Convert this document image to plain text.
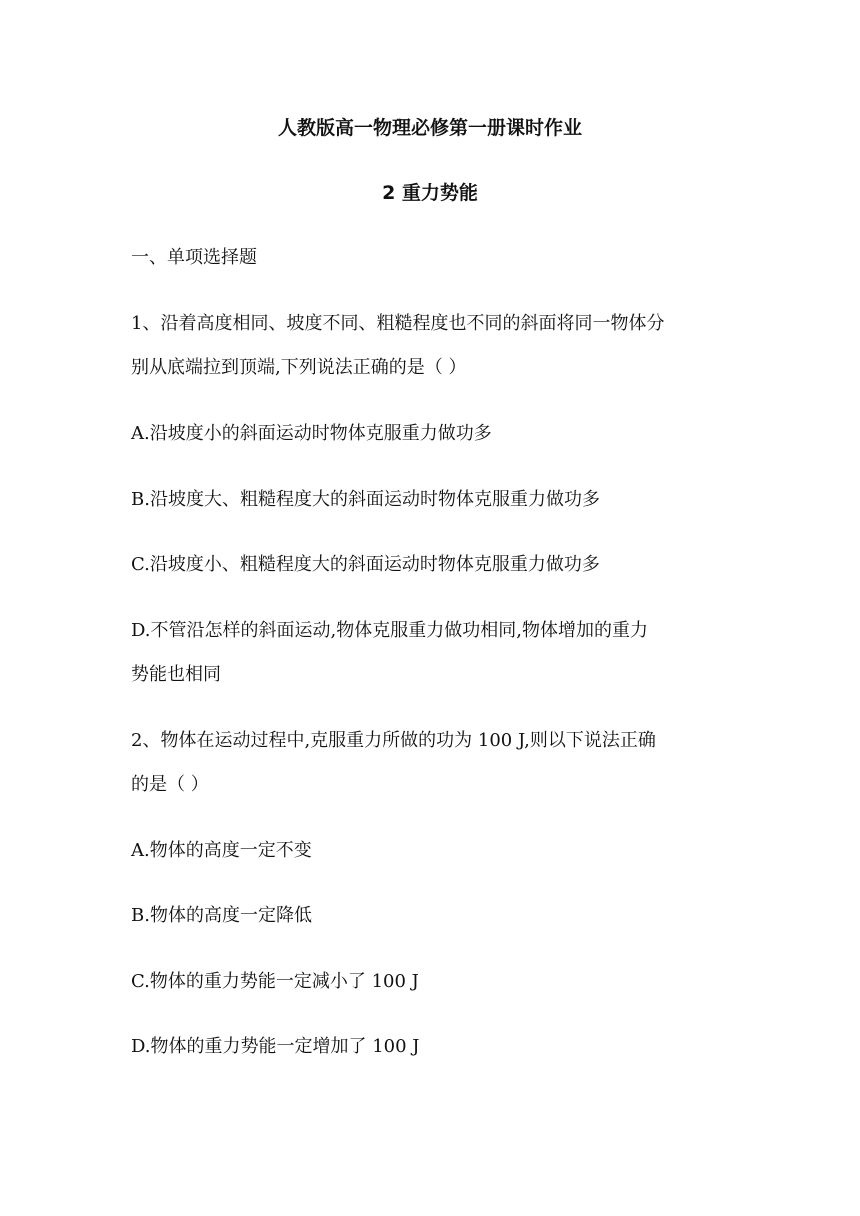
人教版高一物理必修第一册课时作业
2 重力势能
一、单项选择题
1、沿着高度相同、坡度不同、粗糙程度也不同的斜面将同一物体分
别从底端拉到顶端,下列说法正确的是（ ）
A.沿坡度小的斜面运动时物体克服重力做功多
B.沿坡度大、粗糙程度大的斜面运动时物体克服重力做功多
C.沿坡度小、粗糙程度大的斜面运动时物体克服重力做功多
D.不管沿怎样的斜面运动,物体克服重力做功相同,物体增加的重力
势能也相同
2、物体在运动过程中,克服重力所做的功为 100 J,则以下说法正确
的是（ ）
A.物体的高度一定不变
B.物体的高度一定降低
C.物体的重力势能一定减小了 100 J
D.物体的重力势能一定增加了 100 J
